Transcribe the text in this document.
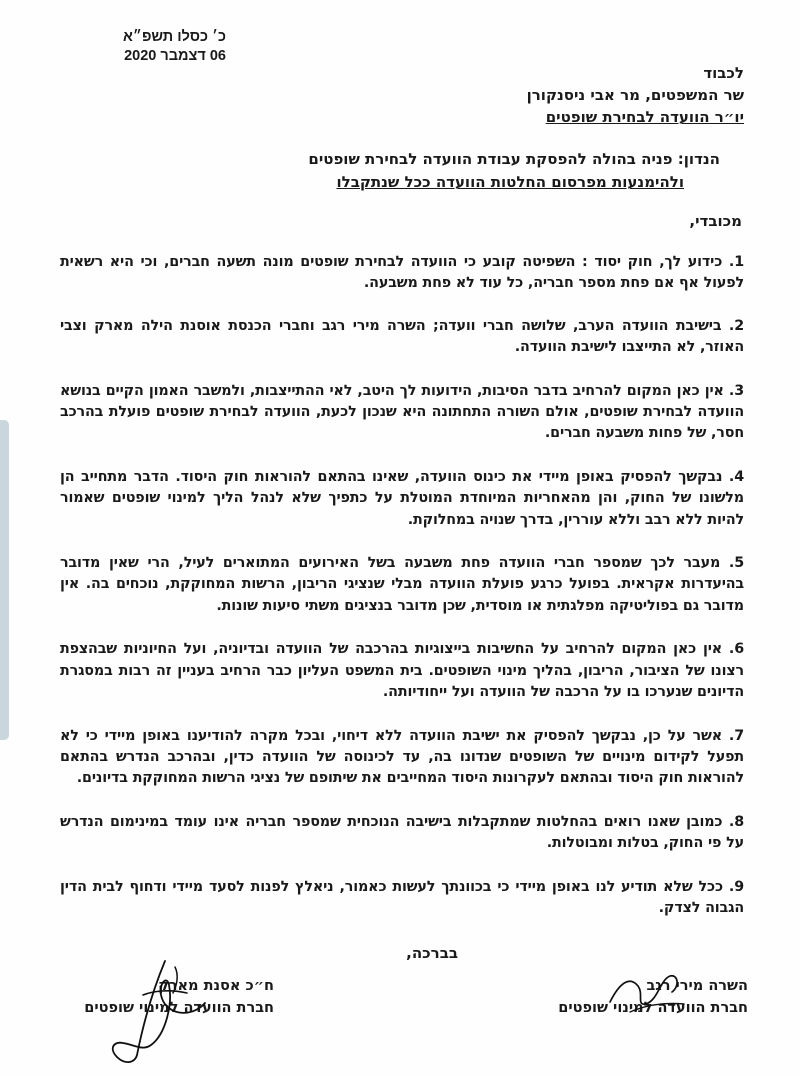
כ׳ כסלו תשפ״א
06 דצמבר 2020
לכבוד
שר המשפטים, מר אבי ניסנקורן
יו״ר הוועדה לבחירת שופטים
הנדון: פניה בהולה להפסקת עבודת הוועדה לבחירת שופטים
ולהימנעות מפרסום החלטות הוועדה ככל שנתקבלו
מכובדי,

1. כידוע לך, חוק יסוד : השפיטה קובע כי הוועדה לבחירת שופטים מונה תשעה חברים, וכי היא רשאית לפעול אף אם פחת מספר חבריה, כל עוד לא פחת משבעה.

2. בישיבת הוועדה הערב, שלושה חברי וועדה; השרה מירי רגב וחברי הכנסת אוסנת הילה מארק וצבי האוזר, לא התייצבו לישיבת הוועדה.

3. אין כאן המקום להרחיב בדבר הסיבות, הידועות לך היטב, לאי ההתייצבות, ולמשבר האמון הקיים בנושא הוועדה לבחירת שופטים, אולם השורה התחתונה היא שנכון לכעת, הוועדה לבחירת שופטים פועלת בהרכב חסר, של פחות משבעה חברים.

4. נבקשך להפסיק באופן מיידי את כינוס הוועדה, שאינו בהתאם להוראות חוק היסוד. הדבר מתחייב הן מלשונו של החוק, והן מהאחריות המיוחדת המוטלת על כתפיך שלא לנהל הליך למינוי שופטים שאמור להיות ללא רבב וללא עוררין, בדרך שנויה במחלוקת.

5. מעבר לכך שמספר חברי הוועדה פחת משבעה בשל האירועים המתוארים לעיל, הרי שאין מדובר בהיעדרות אקראית. בפועל כרגע פועלת הוועדה מבלי שנציגי הריבון, הרשות המחוקקת, נוכחים בה. אין מדובר גם בפוליטיקה מפלגתית או מוסדית, שכן מדובר בנציגים משתי סיעות שונות.

6. אין כאן המקום להרחיב על החשיבות בייצוגיות בהרכבה של הוועדה ובדיוניה, ועל החיוניות שבהצפת רצונו של הציבור, הריבון, בהליך מינוי השופטים. בית המשפט העליון כבר הרחיב בעניין זה רבות במסגרת הדיונים שנערכו בו על הרכבה של הוועדה ועל ייחודיותה.

7. אשר על כן, נבקשך להפסיק את ישיבת הוועדה ללא דיחוי, ובכל מקרה להודיענו באופן מיידי כי לא תפעל לקידום מינויים של השופטים שנדונו בה, עד לכינוסה של הוועדה כדין, ובהרכב הנדרש בהתאם להוראות חוק היסוד ובהתאם לעקרונות היסוד המחייבים את שיתופם של נציגי הרשות המחוקקת בדיונים.

8. כמובן שאנו רואים בהחלטות שמתקבלות בישיבה הנוכחית שמספר חבריה אינו עומד במינימום הנדרש על פי החוק, בטלות ומבוטלות.

9. ככל שלא תודיע לנו באופן מיידי כי בכוונתך לעשות כאמור, ניאלץ לפנות לסעד מיידי ודחוף לבית הדין הגבוה לצדק.

בברכה,
ח״כ אסנת מארק
חברת הוועדה למינוי שופטים
השרה מירי רגב
חברת הוועדה למינוי שופטים
